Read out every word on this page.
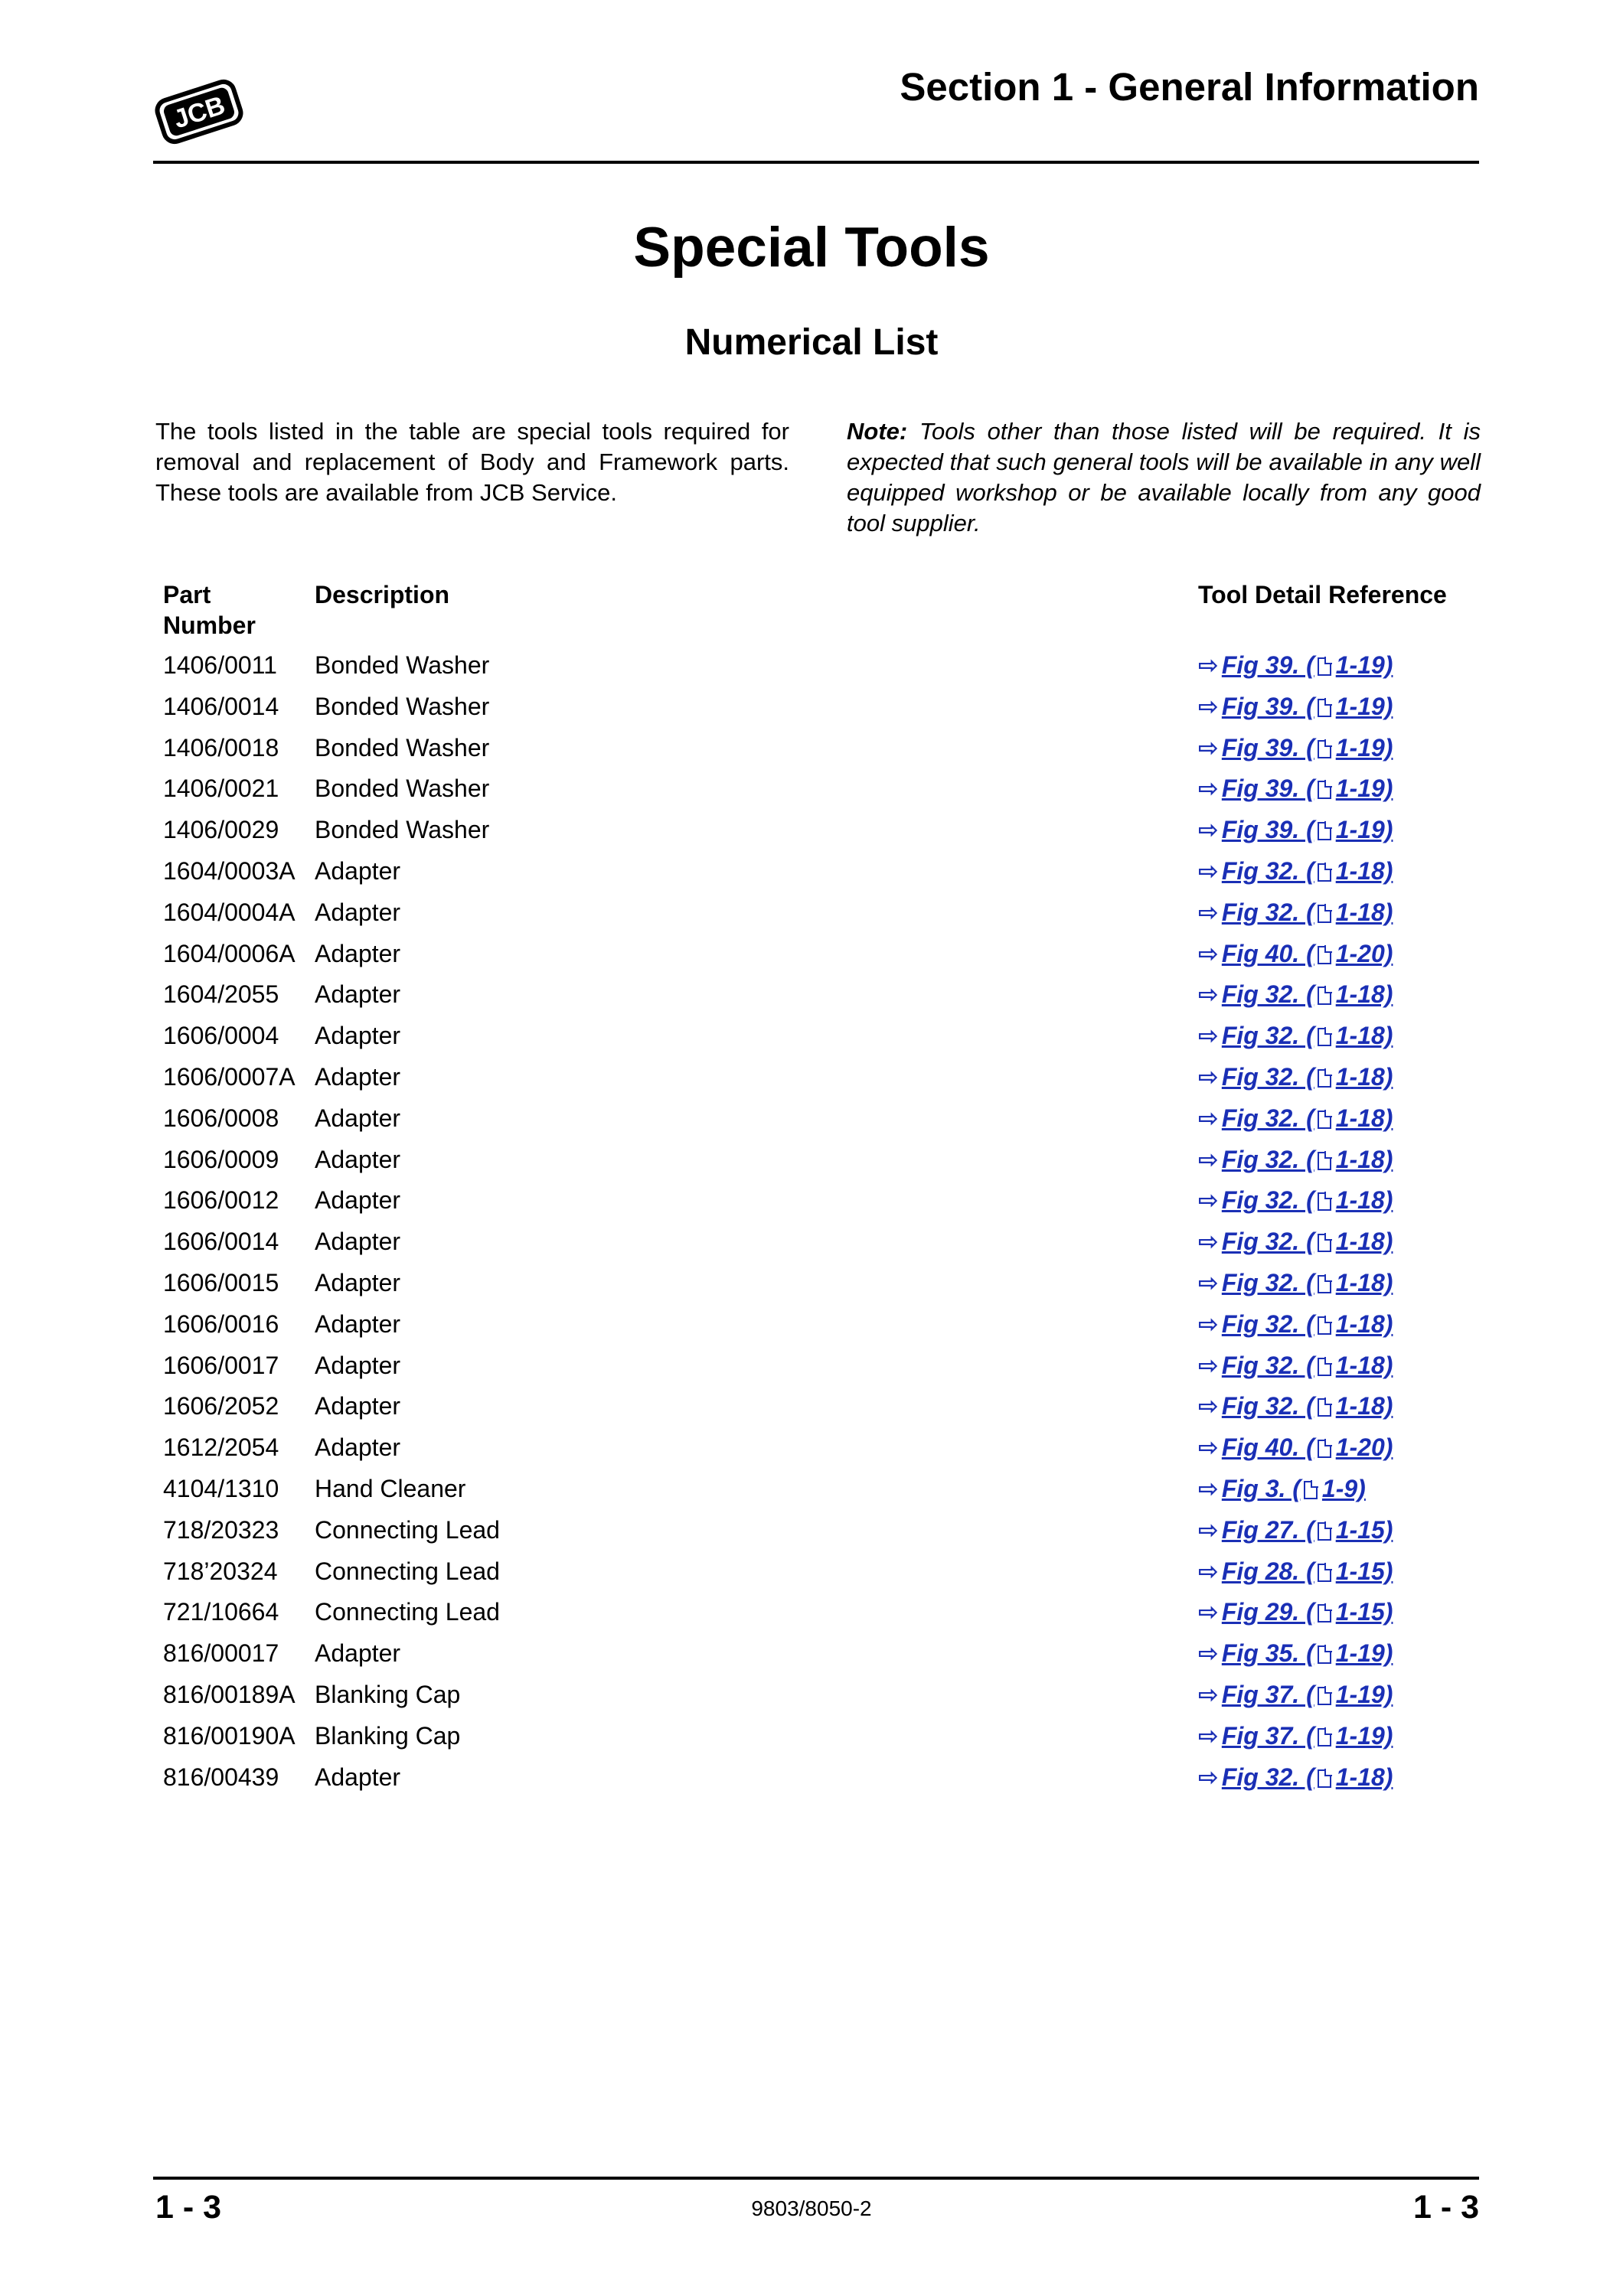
JCB
Section 1 - General Information
Special Tools
Numerical List
The tools listed in the table are special tools required for removal and replacement of Body and Framework parts. These tools are available from JCB Service.
Note: Tools other than those listed will be required. It is expected that such general tools will be available in any well equipped workshop or be available locally from any good tool supplier.
Part
Number
Description	Tool Detail Reference
1406/0011 Bonded Washer	⇨ Fig 39. ( 1-19)
1406/0014 Bonded Washer	⇨ Fig 39. ( 1-19)
1406/0018 Bonded Washer	⇨ Fig 39. ( 1-19)
1406/0021 Bonded Washer	⇨ Fig 39. ( 1-19)
1406/0029 Bonded Washer	⇨ Fig 39. ( 1-19)
1604/0003A Adapter	⇨ Fig 32. ( 1-18)
1604/0004A Adapter	⇨ Fig 32. ( 1-18)
1604/0006A Adapter	⇨ Fig 40. ( 1-20)
1604/2055 Adapter	⇨ Fig 32. ( 1-18)
1606/0004 Adapter	⇨ Fig 32. ( 1-18)
1606/0007A Adapter	⇨ Fig 32. ( 1-18)
1606/0008 Adapter	⇨ Fig 32. ( 1-18)
1606/0009 Adapter	⇨ Fig 32. ( 1-18)
1606/0012 Adapter	⇨ Fig 32. ( 1-18)
1606/0014 Adapter	⇨ Fig 32. ( 1-18)
1606/0015 Adapter	⇨ Fig 32. ( 1-18)
1606/0016 Adapter	⇨ Fig 32. ( 1-18)
1606/0017 Adapter	⇨ Fig 32. ( 1-18)
1606/2052 Adapter	⇨ Fig 32. ( 1-18)
1612/2054 Adapter	⇨ Fig 40. ( 1-20)
4104/1310 Hand Cleaner	⇨ Fig 3. ( 1-9)
718/20323 Connecting Lead	⇨ Fig 27. ( 1-15)
718’20324 Connecting Lead	⇨ Fig 28. ( 1-15)
721/10664 Connecting Lead	⇨ Fig 29. ( 1-15)
816/00017 Adapter	⇨ Fig 35. ( 1-19)
816/00189A Blanking Cap	⇨ Fig 37. ( 1-19)
816/00190A Blanking Cap	⇨ Fig 37. ( 1-19)
816/00439 Adapter	⇨ Fig 32. ( 1-18)
1 - 3	9803/8050-2	1 - 3
